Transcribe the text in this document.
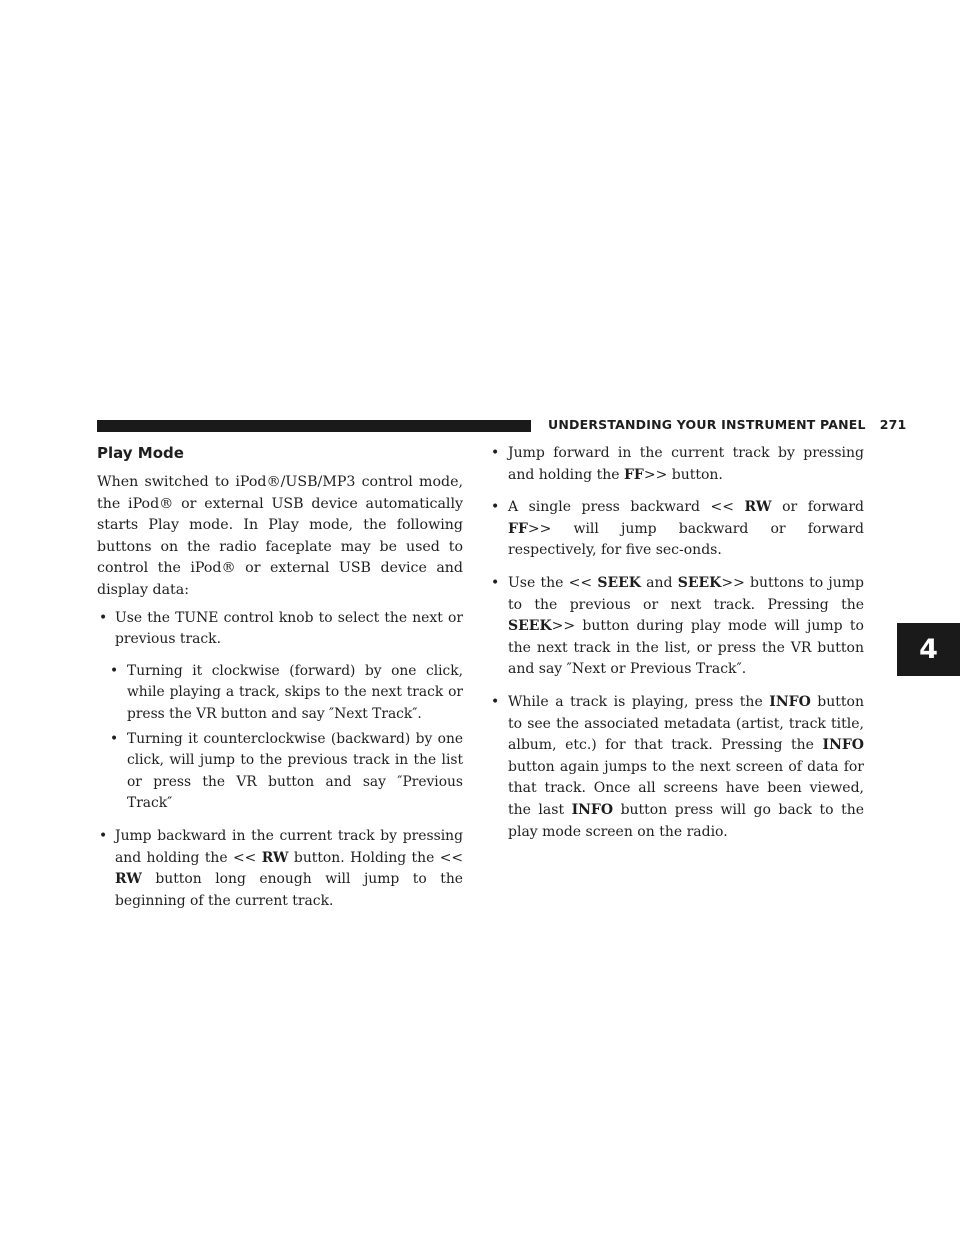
UNDERSTANDING YOUR INSTRUMENT PANEL 271
4
Play Mode

When switched to iPod®/USB/MP3 control mode, the iPod® or external USB device automatically starts Play mode. In Play mode, the following buttons on the radio faceplate may be used to control the iPod® or external USB device and display data:

• Use the TUNE control knob to select the next or previous track.
• Turning it clockwise (forward) by one click, while playing a track, skips to the next track or press the VR button and say ″Next Track″.
• Turning it counterclockwise (backward) by one click, will jump to the previous track in the list or press the VR button and say ″Previous Track″
• Jump backward in the current track by pressing and holding the << RW button. Holding the << RW button long enough will jump to the beginning of the current track.
• Jump forward in the current track by pressing and holding the FF>> button.
• A single press backward << RW or forward FF>> will jump backward or forward respectively, for five sec-onds.
• Use the << SEEK and SEEK>> buttons to jump to the previous or next track. Pressing the SEEK>> button during play mode will jump to the next track in the list, or press the VR button and say ″Next or Previous Track″.
• While a track is playing, press the INFO button to see the associated metadata (artist, track title, album, etc.) for that track. Pressing the INFO button again jumps to the next screen of data for that track. Once all screens have been viewed, the last INFO button press will go back to the play mode screen on the radio.
